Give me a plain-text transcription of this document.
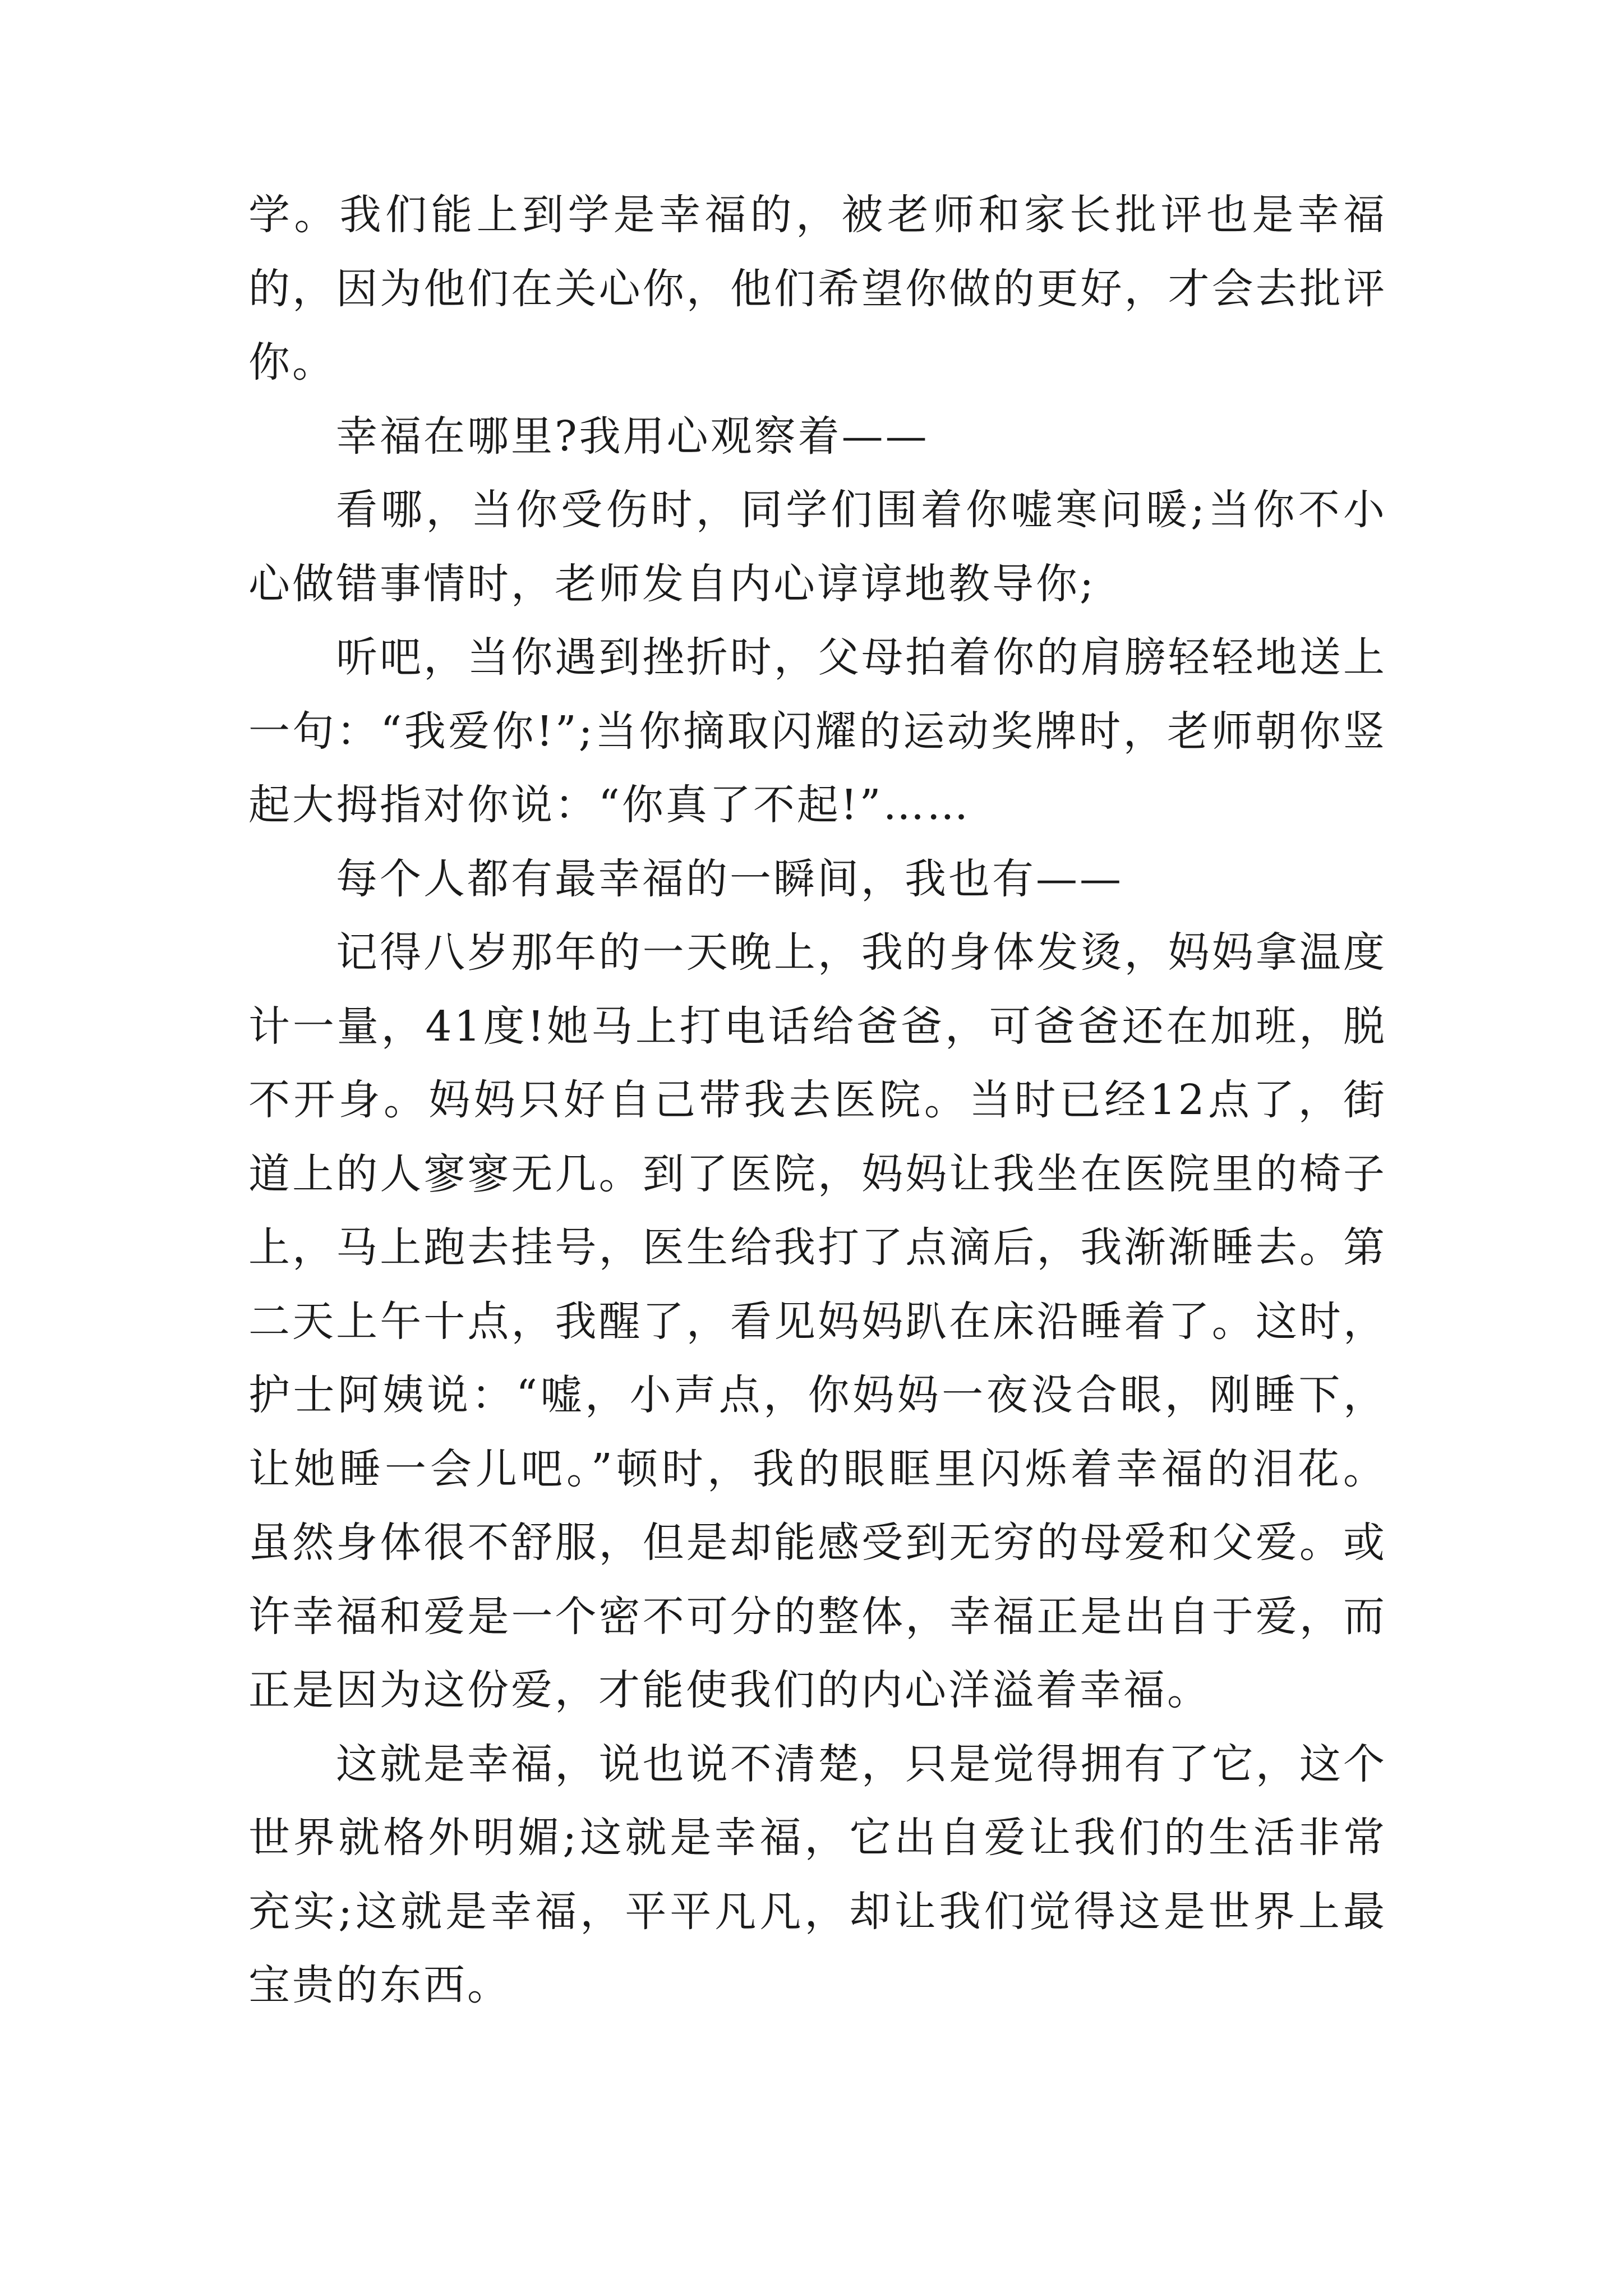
学。我们能上到学是幸福的，被老师和家长批评也是幸福的，因为他们在关心你，他们希望你做的更好，才会去批评你。

幸福在哪里?我用心观察着——

看哪，当你受伤时，同学们围着你嘘寒问暖;当你不小心做错事情时，老师发自内心谆谆地教导你;

听吧，当你遇到挫折时，父母拍着你的肩膀轻轻地送上一句：“我爱你!”;当你摘取闪耀的运动奖牌时，老师朝你竖起大拇指对你说：“你真了不起!”……

每个人都有最幸福的一瞬间，我也有——

记得八岁那年的一天晚上，我的身体发烫，妈妈拿温度计一量，41度!她马上打电话给爸爸，可爸爸还在加班，脱不开身。妈妈只好自己带我去医院。当时已经12点了，街道上的人寥寥无几。到了医院，妈妈让我坐在医院里的椅子上，马上跑去挂号，医生给我打了点滴后，我渐渐睡去。第二天上午十点，我醒了，看见妈妈趴在床沿睡着了。这时，护士阿姨说：“嘘，小声点，你妈妈一夜没合眼，刚睡下，让她睡一会儿吧。”顿时，我的眼眶里闪烁着幸福的泪花。虽然身体很不舒服，但是却能感受到无穷的母爱和父爱。或许幸福和爱是一个密不可分的整体，幸福正是出自于爱，而正是因为这份爱，才能使我们的内心洋溢着幸福。

这就是幸福，说也说不清楚，只是觉得拥有了它，这个世界就格外明媚;这就是幸福，它出自爱让我们的生活非常充实;这就是幸福，平平凡凡，却让我们觉得这是世界上最宝贵的东西。
